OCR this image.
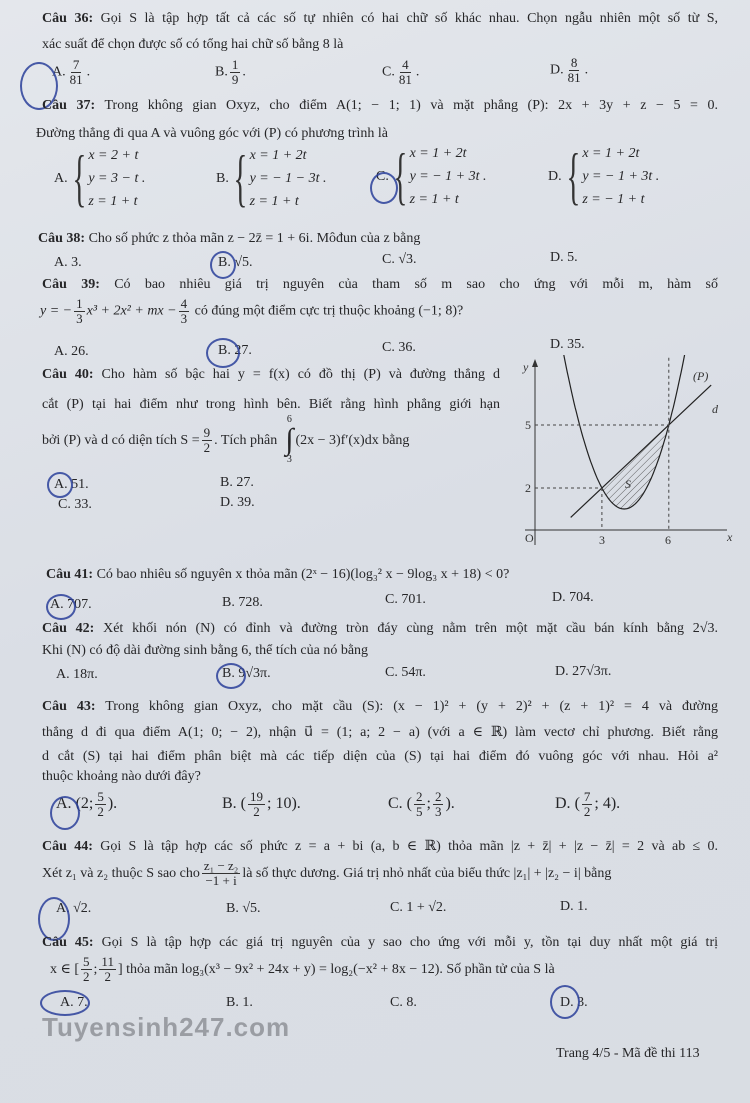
Tuyensinh247.com
Câu 36: Gọi S là tập hợp tất cả các số tự nhiên có hai chữ số khác nhau. Chọn ngẫu nhiên một số từ S,
xác suất để chọn được số có tổng hai chữ số bằng 8 là
A. $\frac{7}{81}$ .	B. $\frac{1}{9}$ .	C. $\frac{4}{81}$ .	D. $\frac{8}{81}$ .
Câu 37: Trong không gian Oxyz, cho điểm A(1; − 1; 1) và mặt phẳng (P): 2x + 3y + z − 5 = 0.
Đường thẳng đi qua A và vuông góc với (P) có phương trình là
A. { x = 2 + t
y = 3 − t .
z = 1 + t
B. { x = 1 + 2t
y = − 1 − 3t .
z = 1 + t
C. { x = 1 + 2t
y = − 1 + 3t .
z = 1 + t
D. { x = 1 + 2t
y = − 1 + 3t .
z = − 1 + t
Câu 38: Cho số phức z thỏa mãn z − 2z̄ = 1 + 6i. Môđun của z bằng
A. 3.	B. √5.	C. √3.	D. 5.
Câu 39: Có bao nhiêu giá trị nguyên của tham số m sao cho ứng với mỗi m, hàm số
y = − $\frac{1}{3} x^3 + 2x^2$ + mx − $\frac{4}{3}$ có đúng một điểm cực trị thuộc khoảng (−1; 8)?
A. 26.	B. 27.	C. 36.	D. 35.
Câu 40: Cho hàm số bậc hai y = f(x) có đồ thị (P) và đường thẳng d
cắt (P) tại hai điểm như trong hình bên. Biết rằng hình phẳng giới hạn
bởi (P) và d có diện tích $S = \frac{9}{2}$ . Tích phân
6
∫
3
(2x − 3)f′(x)dx bằng
A. 51.	B. 27.
C. 33.	D. 39.
O	3	6
2
5
x
y
(P)
d
S
Câu 41: Có bao nhiêu số nguyên x thỏa mãn (2ˣ − 16)(log₃² x − 9log₃ x + 18) < 0?
A. 707.	B. 728.	C. 701.	D. 704.
Câu 42: Xét khối nón (N) có đỉnh và đường tròn đáy cùng nằm trên một mặt cầu bán kính bằng 2√3.
Khi (N) có độ dài đường sinh bằng 6, thể tích của nó bằng
A. 18π.	B. 9√3π.	C. 54π.	D. 27√3π.
Câu 43: Trong không gian Oxyz, cho mặt cầu (S): (x − 1)² + (y + 2)² + (z + 1)² = 4 và đường
thẳng d đi qua điểm A(1; 0; − 2), nhận u⃗ = (1; a; 2 − a) (với a ∈ ℝ) làm vectơ chỉ phương. Biết rằng
d cắt (S) tại hai điểm phân biệt mà các tiếp diện của (S) tại hai điểm đó vuông góc với nhau. Hỏi a²
thuộc khoảng nào dưới đây?
A. (2; $\frac{5}{2}$ ).	B. ( $\frac{19}{2}$ ; 10).	C. ( $\frac{2}{5}$ ; $\frac{2}{3}$ ).	D. ( $\frac{7}{2}$ ; 4).
Câu 44: Gọi S là tập hợp các số phức z = a + bi (a, b ∈ ℝ) thỏa mãn |z + z̄| + |z − z̄| = 2 và ab ≤ 0.
Xét z₁ và z₂ thuộc S sao cho $\frac{\text{z₁ − z₂}}{-1 + i}$ là số thực dương. Giá trị nhỏ nhất của biểu thức |z₁| + |z₂ − i| bằng
A. √2.	B. √5.	C. 1 + √2.	D. 1.
Câu 45: Gọi S là tập hợp các giá trị nguyên của y sao cho ứng với mỗi y, tồn tại duy nhất một giá trị
x ∈ [ $\frac{5}{2}$ ; $\frac{11}{2}$ ] thỏa mãn log₃(x³ − 9x² + 24x + y) = log₂(−x² + 8x − 12). Số phần tử của S là
A. 7.	B. 1.	C. 8.	D. 3.
Trang 4/5 - Mã đề thi 113
